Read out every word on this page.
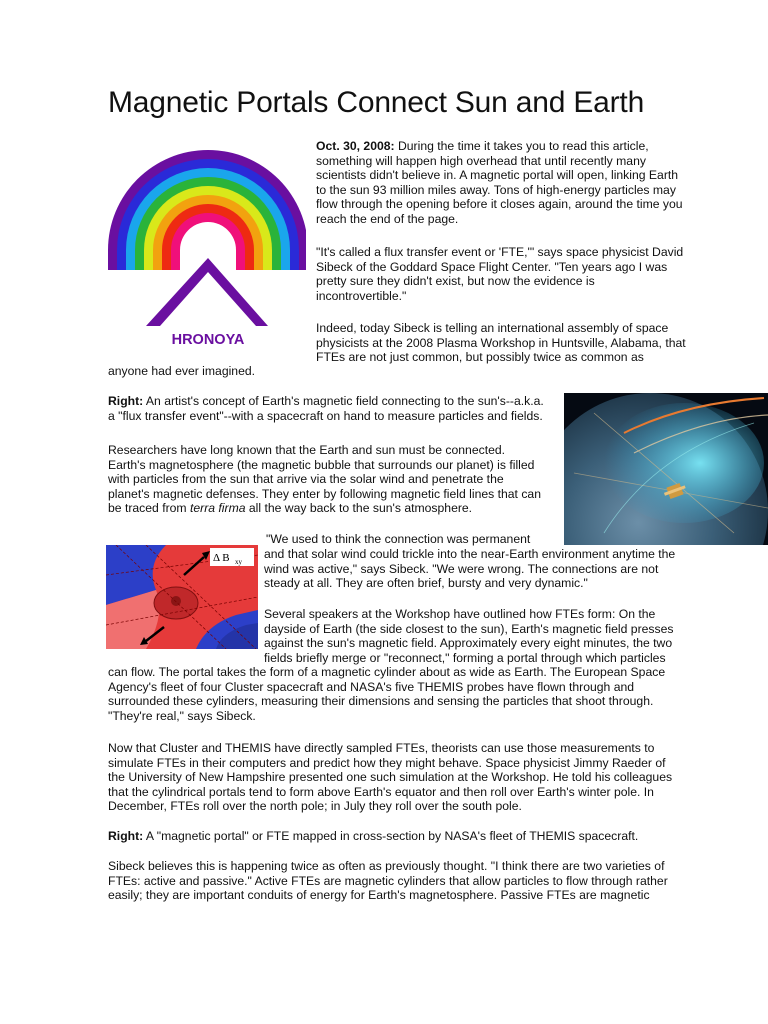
Magnetic Portals Connect Sun and Earth
HRONOYA
Oct. 30, 2008: During the time it takes you to read this article,
something will happen high overhead that until recently many
scientists didn't believe in. A magnetic portal will open, linking Earth
to the sun 93 million miles away. Tons of high-energy particles may
flow through the opening before it closes again, around the time you
reach the end of the page.
"It's called a flux transfer event or 'FTE,'" says space physicist David
Sibeck of the Goddard Space Flight Center. "Ten years ago I was
pretty sure they didn't exist, but now the evidence is
incontrovertible."
Indeed, today Sibeck is telling an international assembly of space
physicists at the 2008 Plasma Workshop in Huntsville, Alabama, that
FTEs are not just common, but possibly twice as common as
anyone had ever imagined.
Right: An artist's concept of Earth's magnetic field connecting to the sun's--a.k.a.
a "flux transfer event"--with a spacecraft on hand to measure particles and fields.
Researchers have long known that the Earth and sun must be connected.
Earth's magnetosphere (the magnetic bubble that surrounds our planet) is filled
with particles from the sun that arrive via the solar wind and penetrate the
planet's magnetic defenses. They enter by following magnetic field lines that can
be traced from terra firma all the way back to the sun's atmosphere.
"We used to think the connection was permanent
and that solar wind could trickle into the near-Earth environment anytime the
wind was active," says Sibeck. "We were wrong. The connections are not
steady at all. They are often brief, bursty and very dynamic."
Δ B xy
Several speakers at the Workshop have outlined how FTEs form: On the
dayside of Earth (the side closest to the sun), Earth's magnetic field presses
against the sun's magnetic field. Approximately every eight minutes, the two
fields briefly merge or "reconnect," forming a portal through which particles
can flow. The portal takes the form of a magnetic cylinder about as wide as Earth. The European Space
Agency's fleet of four Cluster spacecraft and NASA's five THEMIS probes have flown through and
surrounded these cylinders, measuring their dimensions and sensing the particles that shoot through.
"They're real," says Sibeck.
Now that Cluster and THEMIS have directly sampled FTEs, theorists can use those measurements to
simulate FTEs in their computers and predict how they might behave. Space physicist Jimmy Raeder of
the University of New Hampshire presented one such simulation at the Workshop. He told his colleagues
that the cylindrical portals tend to form above Earth's equator and then roll over Earth's winter pole. In
December, FTEs roll over the north pole; in July they roll over the south pole.
Right: A "magnetic portal" or FTE mapped in cross-section by NASA's fleet of THEMIS spacecraft.
Sibeck believes this is happening twice as often as previously thought. "I think there are two varieties of
FTEs: active and passive." Active FTEs are magnetic cylinders that allow particles to flow through rather
easily; they are important conduits of energy for Earth's magnetosphere. Passive FTEs are magnetic
